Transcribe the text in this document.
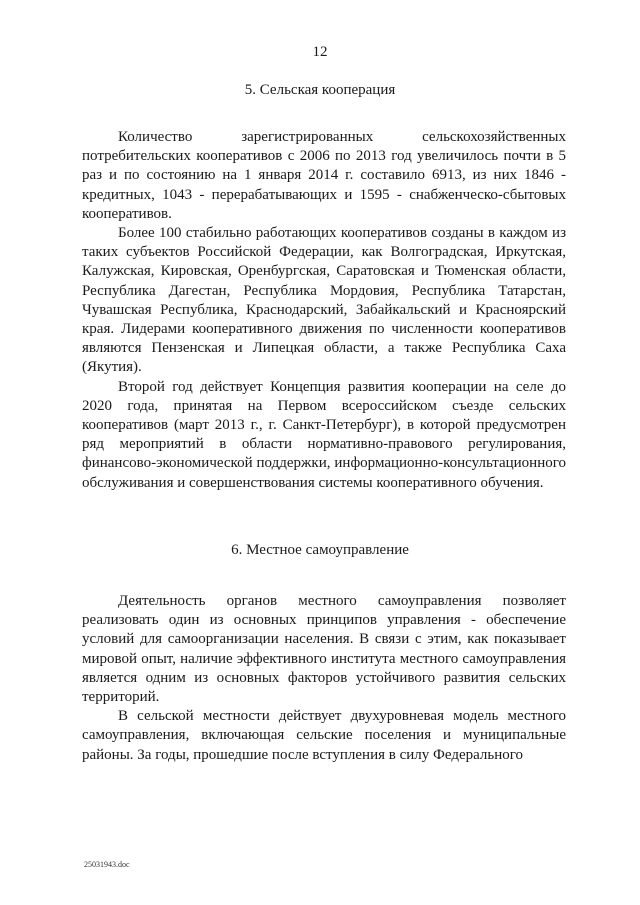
12
5. Сельская кооперация

Количество зарегистрированных сельскохозяйственных потребительских кооперативов с 2006 по 2013 год увеличилось почти в 5 раз и по состоянию на 1 января 2014 г. составило 6913, из них 1846 - кредитных, 1043 - перерабатывающих и 1595 - снабженческо-сбытовых кооперативов.

Более 100 стабильно работающих кооперативов созданы в каждом из таких субъектов Российской Федерации, как Волгоградская, Иркутская, Калужская, Кировская, Оренбургская, Саратовская и Тюменская области, Республика Дагестан, Республика Мордовия, Республика Татарстан, Чувашская Республика, Краснодарский, Забайкальский и Красноярский края. Лидерами кооперативного движения по численности кооперативов являются Пензенская и Липецкая области, а также Республика Саха (Якутия).

Второй год действует Концепция развития кооперации на селе до 2020 года, принятая на Первом всероссийском съезде сельских кооперативов (март 2013 г., г. Санкт-Петербург), в которой предусмотрен ряд мероприятий в области нормативно-правового регулирования, финансово-экономической поддержки, информационно-консультационного обслуживания и совершенствования системы кооперативного обучения.

6. Местное самоуправление

Деятельность органов местного самоуправления позволяет реализовать один из основных принципов управления - обеспечение условий для самоорганизации населения. В связи с этим, как показывает мировой опыт, наличие эффективного института местного самоуправления является одним из основных факторов устойчивого развития сельских территорий.

В сельской местности действует двухуровневая модель местного самоуправления, включающая сельские поселения и муниципальные районы. За годы, прошедшие после вступления в силу Федерального

25031943.doc
